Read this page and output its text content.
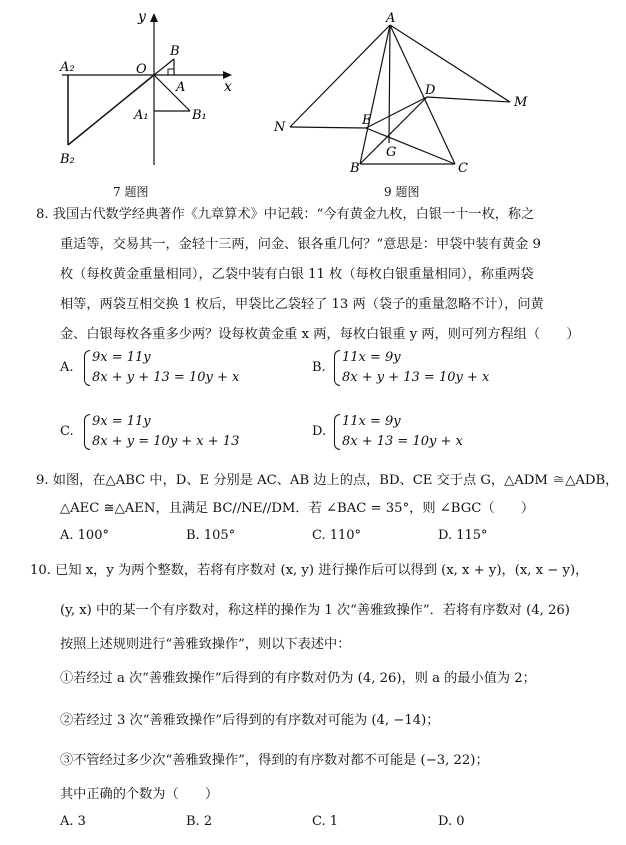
y
x
O
B
A
A₂
A₁	B₁
B₂
7 题图
A
M
N
D
E
G
B	C
9 题图
8. 我国古代数学经典著作《九章算术》中记载：“今有黄金九枚，白银一十一枚，称之
重适等，交易其一，金轻十三两，问金、银各重几何？”意思是：甲袋中装有黄金 9
枚（每枚黄金重量相同），乙袋中装有白银 11 枚（每枚白银重量相同），称重两袋
相等，两袋互相交换 1 枚后，甲袋比乙袋轻了 13 两（袋子的重量忽略不计），问黄
金、白银每枚各重多少两？设每枚黄金重 x 两，每枚白银重 y 两，则可列方程组（　　）
A.
9x = 11y
8x + y + 13 = 10y + x
B.
11x = 9y
8x + y + 13 = 10y + x
C.
9x = 11y
8x + y = 10y + x + 13
D.
11x = 9y
8x + 13 = 10y + x
9. 如图，在△ABC 中，D、E 分别是 AC、AB 边上的点，BD、CE 交于点 G，△ADM ≅△ADB，
△AEC ≅△AEN，且满足 BC//NE//DM．若 ∠BAC = 35°，则 ∠BGC（　　）
A. 100°	B. 105°	C. 110°	D. 115°
10. 已知 x，y 为两个整数，若将有序数对 (x, y) 进行操作后可以得到 (x, x + y)，(x, x − y)，
(y, x) 中的某一个有序数对，称这样的操作为 1 次“善雅致操作”．若将有序数对 (4, 26)
按照上述规则进行“善雅致操作”，则以下表述中：
①若经过 a 次“善雅致操作”后得到的有序数对仍为 (4, 26)，则 a 的最小值为 2；
②若经过 3 次“善雅致操作”后得到的有序数对可能为 (4, −14)；
③不管经过多少次“善雅致操作”，得到的有序数对都不可能是 (−3, 22)；
其中正确的个数为（　　）
A. 3	B. 2	C. 1	D. 0
